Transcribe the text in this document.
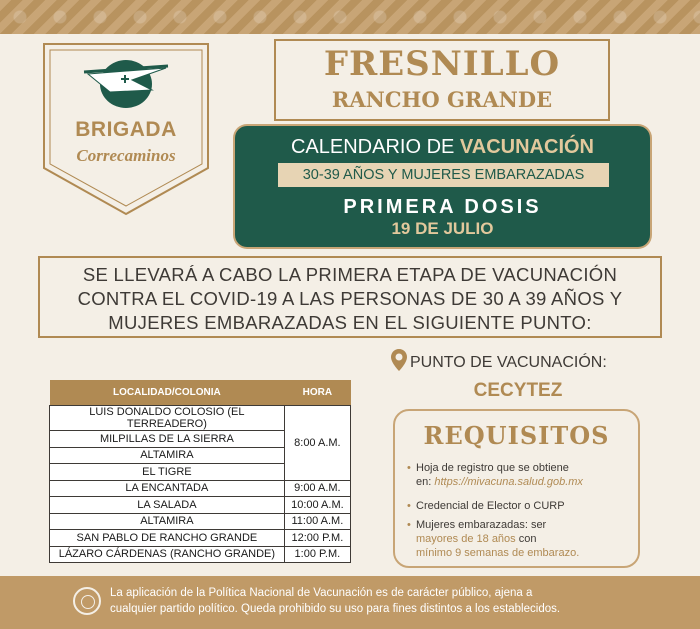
BRIGADA
Correcaminos
FRESNILLO
RANCHO GRANDE
CALENDARIO DE VACUNACIÓN
30-39 AÑOS Y MUJERES EMBARAZADAS
PRIMERA DOSIS
19 DE JULIO
SE LLEVARÁ A CABO LA PRIMERA ETAPA DE VACUNACIÓN
CONTRA EL COVID-19 A LAS PERSONAS DE 30 A 39 AÑOS Y
MUJERES EMBARAZADAS EN EL SIGUIENTE PUNTO:
LOCALIDAD/COLONIA	HORA
LUIS DONALDO COLOSIO (EL TERREADERO)	8:00 A.M.
MILPILLAS DE LA SIERRA	
ALTAMIRA	
EL TIGRE	
LA ENCANTADA	9:00 A.M.
LA SALADA	10:00 A.M.
ALTAMIRA	11:00 A.M.
SAN PABLO DE RANCHO GRANDE	12:00 P.M.
LÁZARO CÁRDENAS (RANCHO GRANDE)	1:00 P.M.
PUNTO DE VACUNACIÓN:
CECYTEZ
REQUISITOS
• Hoja de registro que se obtiene
en: https://mivacuna.salud.gob.mx
• Credencial de Elector o CURP
• Mujeres embarazadas: ser
mayores de 18 años con
mínimo 9 semanas de embarazo.
La aplicación de la Política Nacional de Vacunación es de carácter público, ajena a
cualquier partido político. Queda prohibido su uso para fines distintos a los establecidos.
